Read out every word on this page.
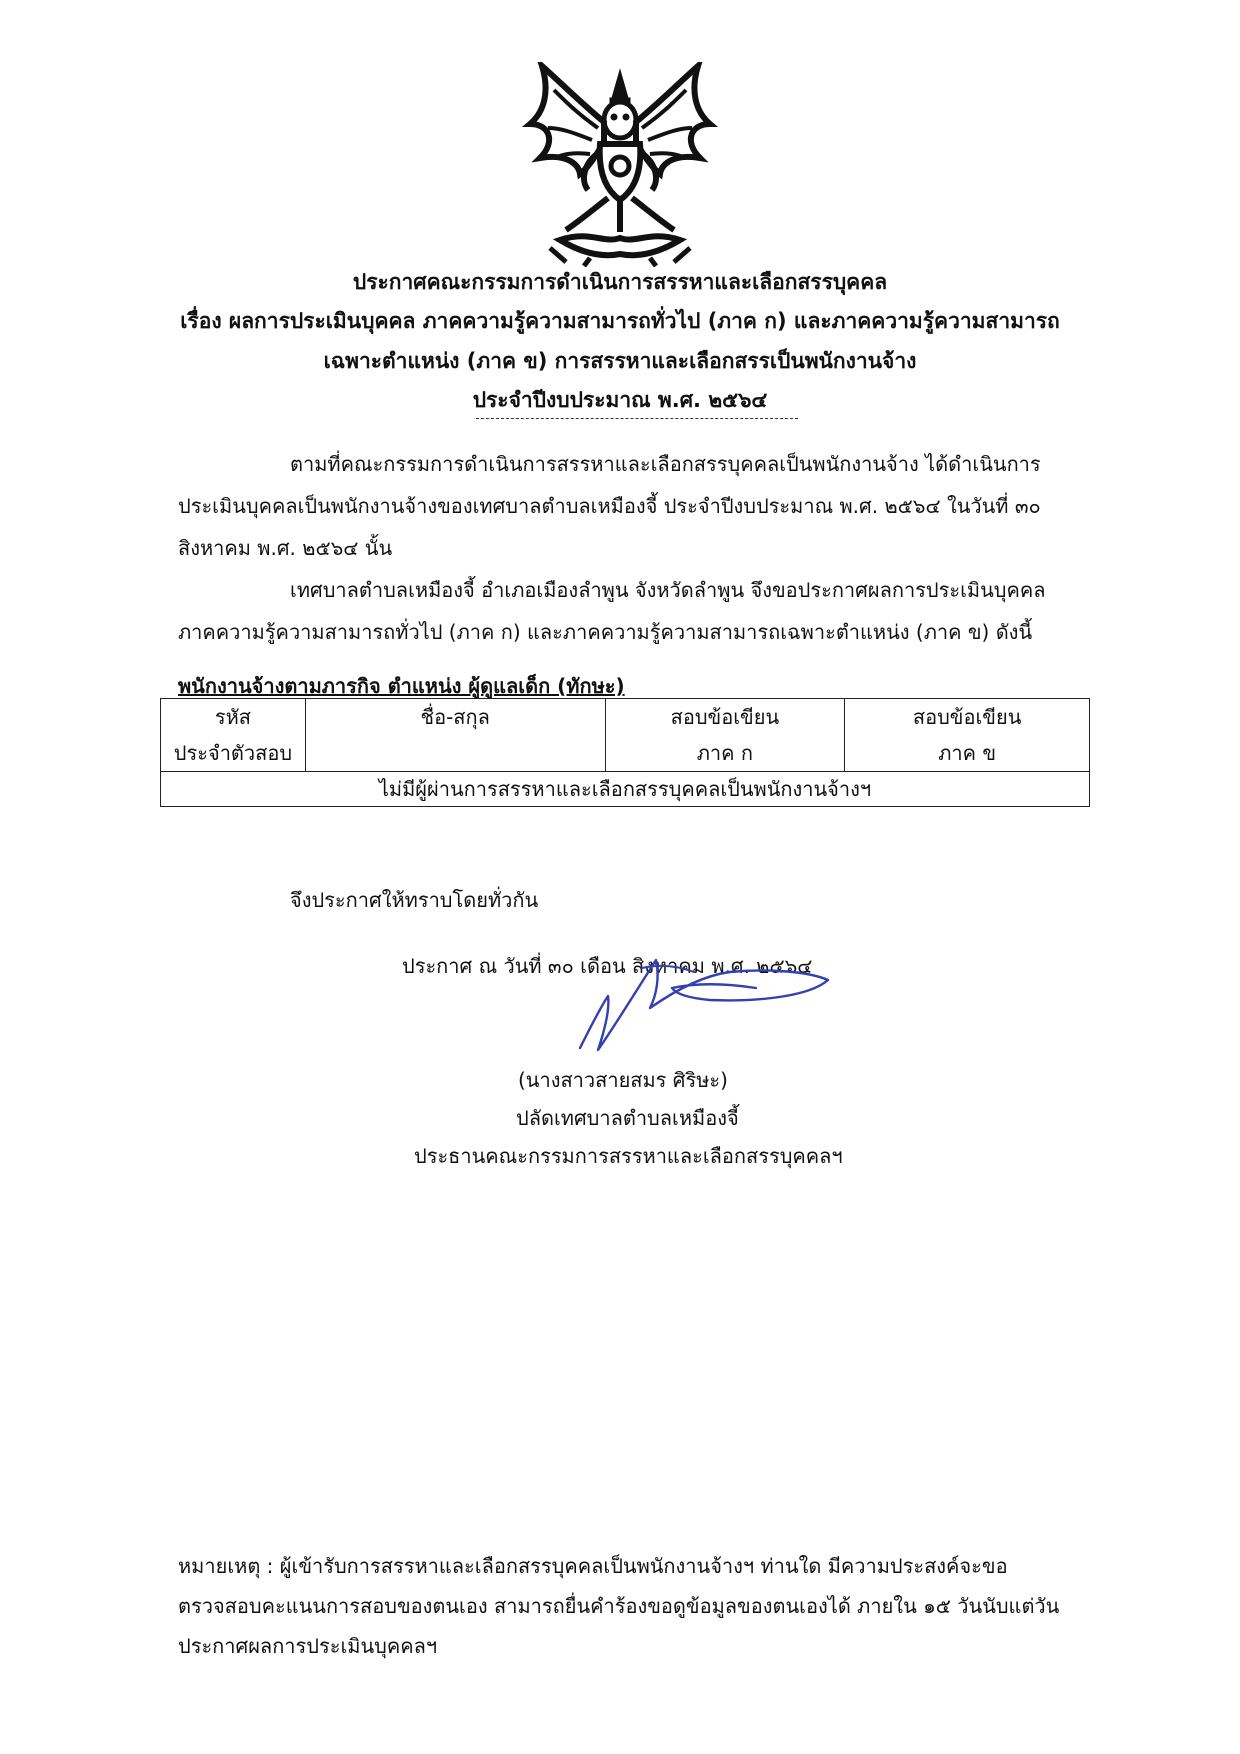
ประกาศคณะกรรมการดำเนินการสรรหาและเลือกสรรบุคคล
เรื่อง ผลการประเมินบุคคล ภาคความรู้ความสามารถทั่วไป (ภาค ก) และภาคความรู้ความสามารถ
เฉพาะตำแหน่ง (ภาค ข) การสรรหาและเลือกสรรเป็นพนักงานจ้าง
ประจำปีงบประมาณ พ.ศ. ๒๕๖๔
ตามที่คณะกรรมการดำเนินการสรรหาและเลือกสรรบุคคลเป็นพนักงานจ้าง ได้ดำเนินการ
ประเมินบุคคลเป็นพนักงานจ้างของเทศบาลตำบลเหมืองจี้ ประจำปีงบประมาณ พ.ศ. ๒๕๖๔ ในวันที่ ๓๐
สิงหาคม พ.ศ. ๒๕๖๔ นั้น
เทศบาลตำบลเหมืองจี้ อำเภอเมืองลำพูน จังหวัดลำพูน จึงขอประกาศผลการประเมินบุคคล
ภาคความรู้ความสามารถทั่วไป (ภาค ก) และภาคความรู้ความสามารถเฉพาะตำแหน่ง (ภาค ข) ดังนี้
พนักงานจ้างตามภารกิจ ตำแหน่ง ผู้ดูแลเด็ก (ทักษะ)
รหัส	ชื่อ-สกุล	สอบข้อเขียน	สอบข้อเขียน
ประจำตัวสอบ		ภาค ก	ภาค ข
ไม่มีผู้ผ่านการสรรหาและเลือกสรรบุคคลเป็นพนักงานจ้างฯ			
จึงประกาศให้ทราบโดยทั่วกัน
ประกาศ ณ วันที่ ๓๐ เดือน สิงหาคม พ.ศ. ๒๕๖๔
(นางสาวสายสมร ศิริษะ)
ปลัดเทศบาลตำบลเหมืองจี้
ประธานคณะกรรมการสรรหาและเลือกสรรบุคคลฯ
หมายเหตุ : ผู้เข้ารับการสรรหาและเลือกสรรบุคคลเป็นพนักงานจ้างฯ ท่านใด มีความประสงค์จะขอ
ตรวจสอบคะแนนการสอบของตนเอง สามารถยื่นคำร้องขอดูข้อมูลของตนเองได้ ภายใน ๑๕ วันนับแต่วัน
ประกาศผลการประเมินบุคคลฯ
